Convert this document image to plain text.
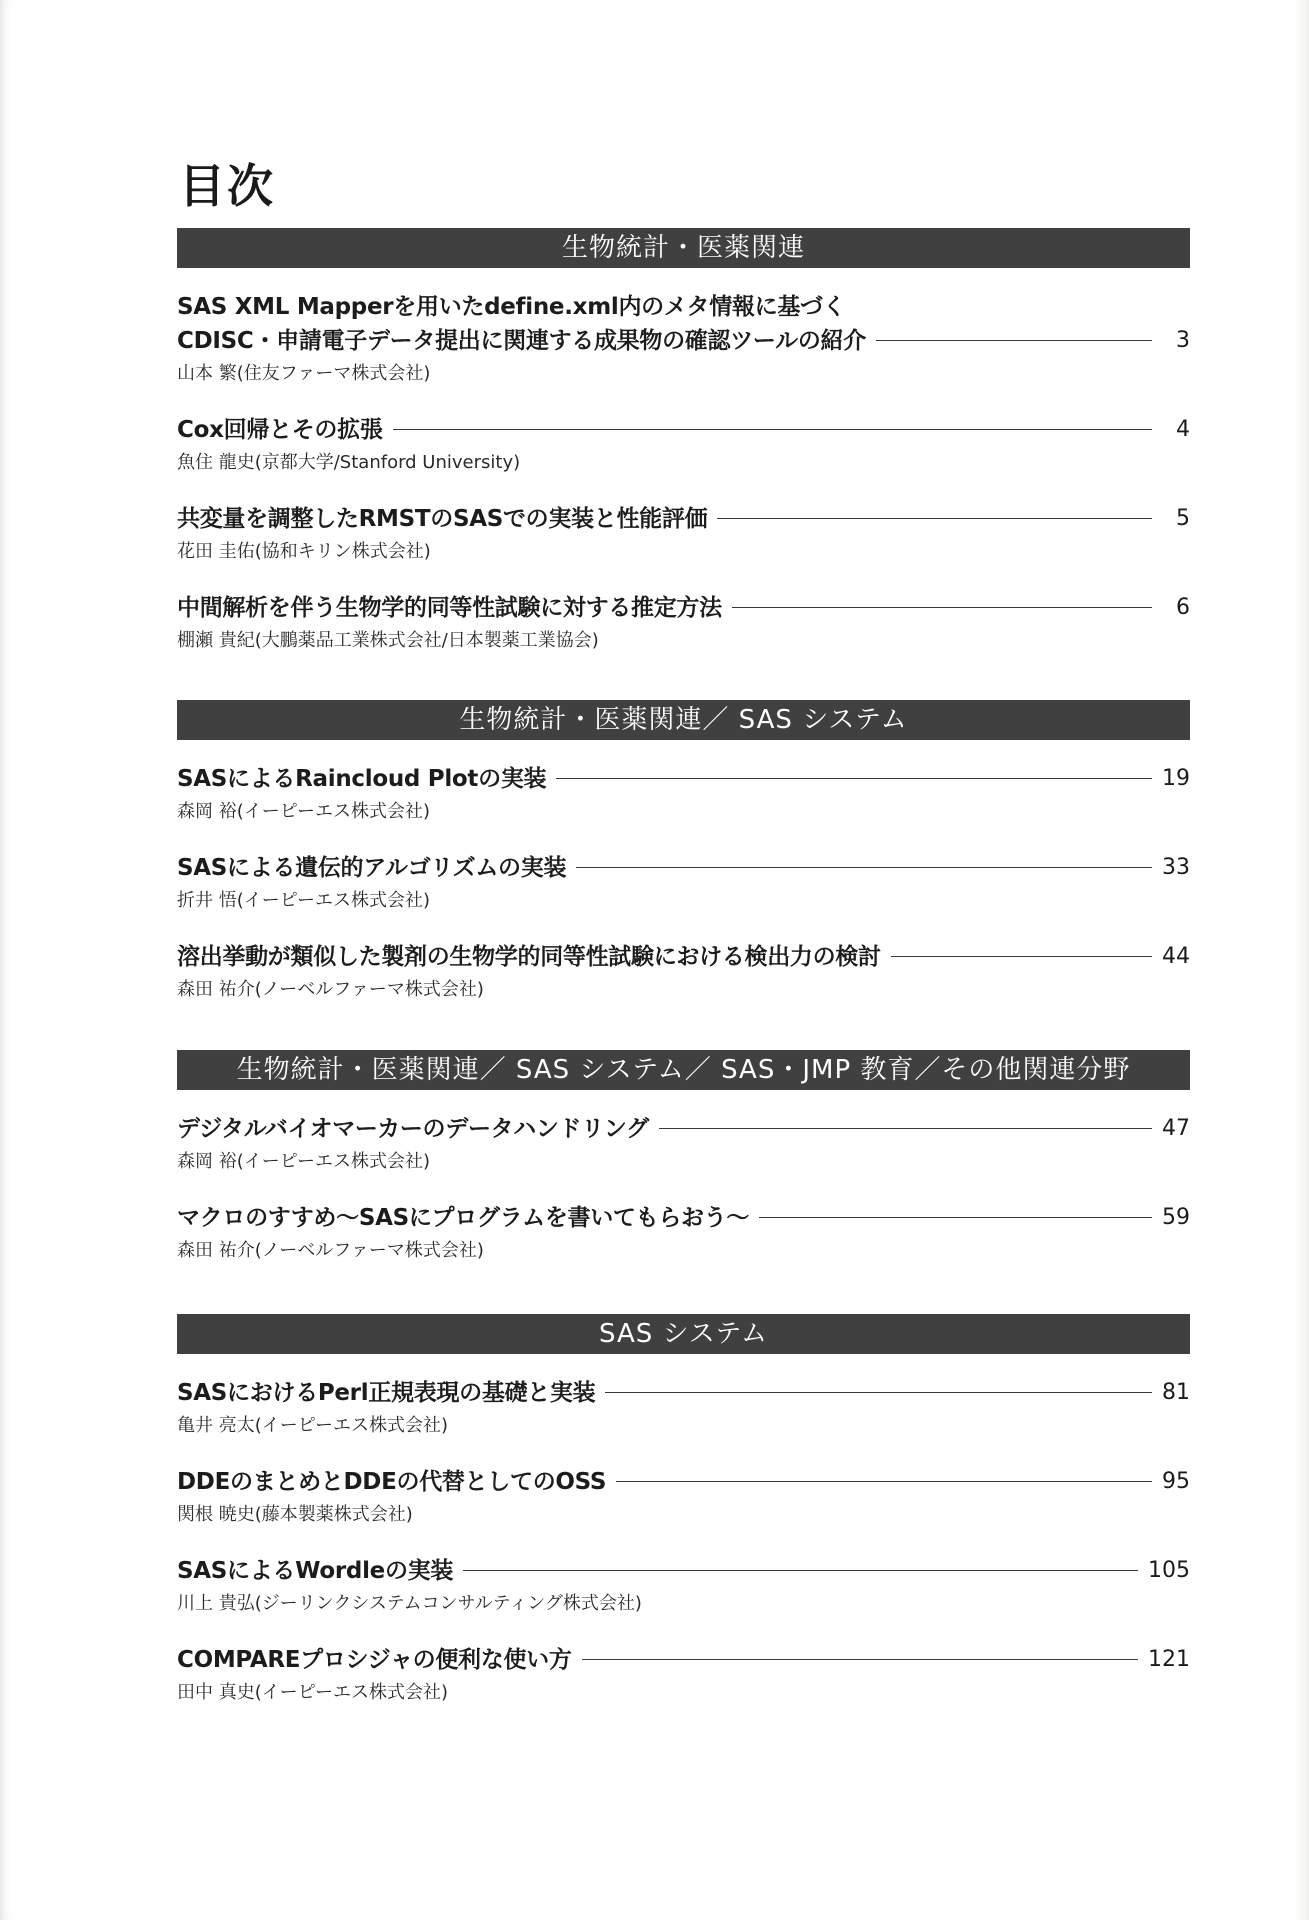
目次
生物統計・医薬関連
SAS XML Mapperを用いたdefine.xml内のメタ情報に基づく
CDISC・申請電子データ提出に関連する成果物の確認ツールの紹介	3
山本 繁(住友ファーマ株式会社)
Cox回帰とその拡張	4
魚住 龍史(京都大学/Stanford University)
共変量を調整したRMSTのSASでの実装と性能評価	5
花田 圭佑(協和キリン株式会社)
中間解析を伴う生物学的同等性試験に対する推定方法	6
棚瀬 貴紀(大鵬薬品工業株式会社/日本製薬工業協会)
生物統計・医薬関連／ SAS システム
SASによるRaincloud Plotの実装	19
森岡 裕(イーピーエス株式会社)
SASによる遺伝的アルゴリズムの実装	33
折井 悟(イーピーエス株式会社)
溶出挙動が類似した製剤の生物学的同等性試験における検出力の検討	44
森田 祐介(ノーベルファーマ株式会社)
生物統計・医薬関連／ SAS システム／ SAS・JMP 教育／その他関連分野
デジタルバイオマーカーのデータハンドリング	47
森岡 裕(イーピーエス株式会社)
マクロのすすめ～SASにプログラムを書いてもらおう～	59
森田 祐介(ノーベルファーマ株式会社)
SAS システム
SASにおけるPerl正規表現の基礎と実装	81
亀井 亮太(イーピーエス株式会社)
DDEのまとめとDDEの代替としてのOSS	95
関根 暁史(藤本製薬株式会社)
SASによるWordleの実装	105
川上 貴弘(ジーリンクシステムコンサルティング株式会社)
COMPAREプロシジャの便利な使い方	121
田中 真史(イーピーエス株式会社)
